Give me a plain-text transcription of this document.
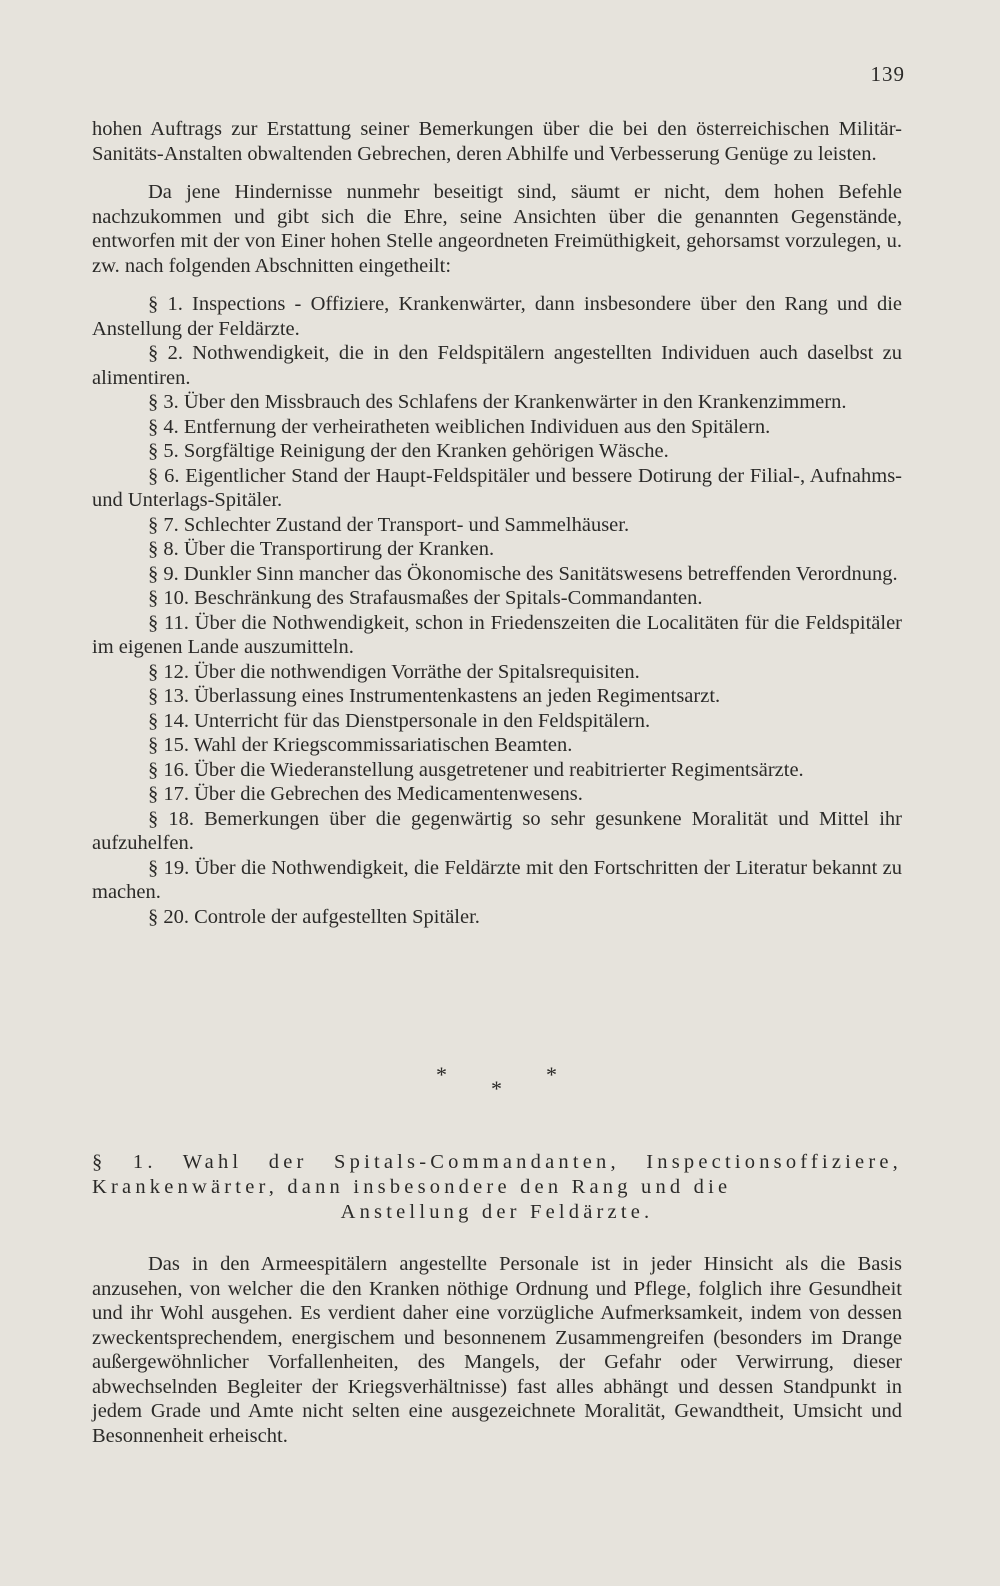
139

hohen Auftrags zur Erstattung seiner Bemerkungen über die bei den österreichischen Militär-Sanitäts-Anstalten obwaltenden Gebrechen, deren Abhilfe und Verbesserung Genüge zu leisten.

Da jene Hindernisse nunmehr beseitigt sind, säumt er nicht, dem hohen Befehle nachzukommen und gibt sich die Ehre, seine Ansichten über die genannten Gegenstände, entworfen mit der von Einer hohen Stelle angeordneten Freimüthigkeit, gehorsamst vorzulegen, u. zw. nach folgenden Abschnitten eingetheilt:

§ 1. Inspections - Offiziere, Krankenwärter, dann insbesondere über den Rang und die Anstellung der Feldärzte.

§ 2. Nothwendigkeit, die in den Feldspitälern angestellten Individuen auch daselbst zu alimentiren.

§ 3. Über den Missbrauch des Schlafens der Krankenwärter in den Krankenzimmern.

§ 4. Entfernung der verheiratheten weiblichen Individuen aus den Spitälern.

§ 5. Sorgfältige Reinigung der den Kranken gehörigen Wäsche.

§ 6. Eigentlicher Stand der Haupt-Feldspitäler und bessere Dotirung der Filial-, Aufnahms- und Unterlags-Spitäler.

§ 7. Schlechter Zustand der Transport- und Sammelhäuser.

§ 8. Über die Transportirung der Kranken.

§ 9. Dunkler Sinn mancher das Ökonomische des Sanitätswesens betreffenden Verordnung.

§ 10. Beschränkung des Strafausmaßes der Spitals-Commandanten.

§ 11. Über die Nothwendigkeit, schon in Friedenszeiten die Localitäten für die Feldspitäler im eigenen Lande auszumitteln.

§ 12. Über die nothwendigen Vorräthe der Spitalsrequisiten.

§ 13. Überlassung eines Instrumentenkastens an jeden Regimentsarzt.

§ 14. Unterricht für das Dienstpersonale in den Feldspitälern.

§ 15. Wahl der Kriegscommissariatischen Beamten.

§ 16. Über die Wiederanstellung ausgetretener und reabitrierter Regimentsärzte.

§ 17. Über die Gebrechen des Medicamentenwesens.

§ 18. Bemerkungen über die gegenwärtig so sehr gesunkene Moralität und Mittel ihr aufzuhelfen.

§ 19. Über die Nothwendigkeit, die Feldärzte mit den Fortschritten der Literatur bekannt zu machen.

§ 20. Controle der aufgestellten Spitäler.

*	*
*
§ 1. Wahl der Spitals-Commandanten, Inspectionsoffiziere, Krankenwärter, dann insbesondere den Rang und die
Anstellung der Feldärzte.

Das in den Armeespitälern angestellte Personale ist in jeder Hinsicht als die Basis anzusehen, von welcher die den Kranken nöthige Ordnung und Pflege, folglich ihre Gesundheit und ihr Wohl ausgehen. Es verdient daher eine vorzügliche Aufmerksamkeit, indem von dessen zweckentsprechendem, energischem und besonnenem Zusammengreifen (besonders im Drange außergewöhnlicher Vorfallenheiten, des Mangels, der Gefahr oder Verwirrung, dieser abwechselnden Begleiter der Kriegsverhältnisse) fast alles abhängt und dessen Standpunkt in jedem Grade und Amte nicht selten eine ausgezeichnete Moralität, Gewandtheit, Umsicht und Besonnenheit erheischt.
